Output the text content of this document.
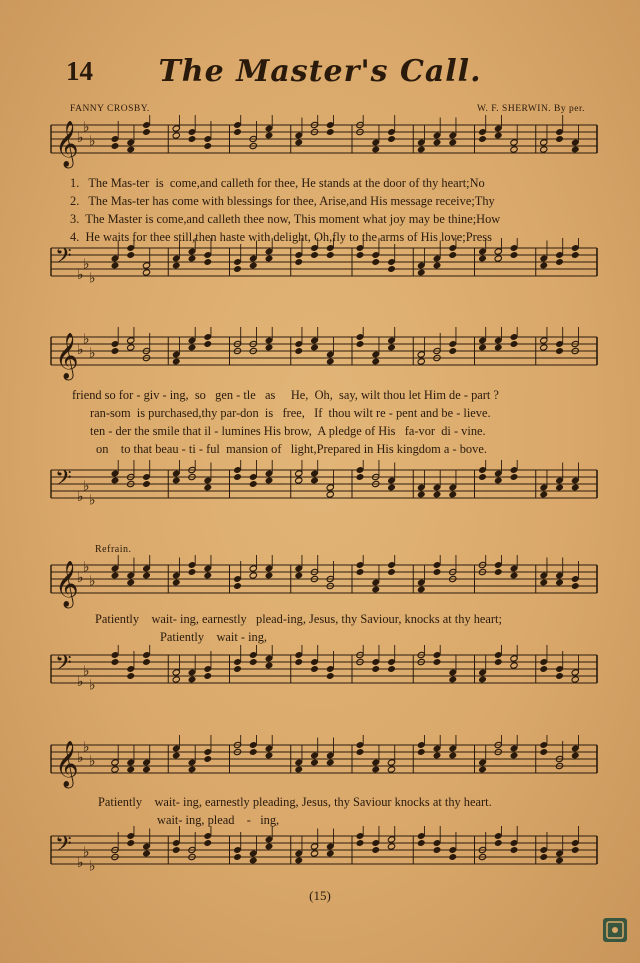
14	The Master's Call.
FANNY CROSBY.	W. F. SHERWIN. By per.
𝄞
♭
♭
♭
1.   The Mas-ter  is  come,and calleth for thee, He stands at the door of thy heart;No
2.   The Mas-ter has come with blessings for thee, Arise,and His message receive;Thy
3.  The Master is come,and calleth thee now, This moment what joy may be thine;How
4.  He waits for thee still,then haste with delight, Oh,fly to the arms of His love;Press
𝄢
♭
♭
♭
𝄞
♭
♭
♭
friend so for - giv - ing,  so   gen - tle   as     He,  Oh,  say, wilt thou let Him de - part ?
ran-som  is purchased,thy par-don  is   free,   If  thou wilt re - pent and be - lieve.
ten - der the smile that il - lumines His brow,  A pledge of His   fa-vor  di - vine.
on    to that beau - ti - ful  mansion of   light,Prepared in His kingdom a - bove.
𝄢
♭
♭
♭
Refrain.
𝄞
♭
♭
♭
Patiently    wait- ing, earnestly   plead-ing, Jesus, thy Saviour, knocks at thy heart;
Patiently    wait - ing,
𝄢
♭
♭
♭
𝄞
♭
♭
♭
Patiently    wait- ing, earnestly pleading, Jesus, thy Saviour knocks at thy heart.
wait- ing, plead    -   ing,
𝄢
♭
♭
♭
(15)
